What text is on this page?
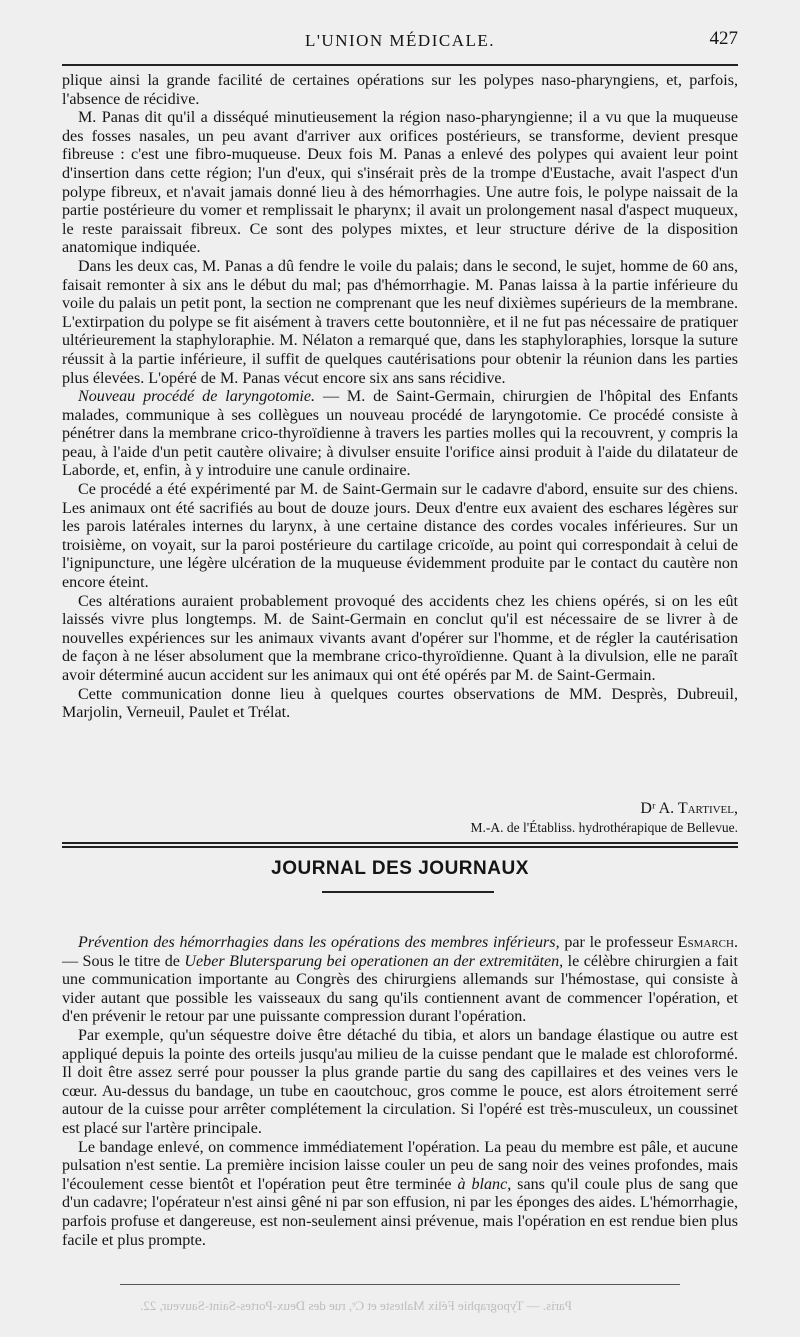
L'UNION MÉDICALE.	427

plique ainsi la grande facilité de certaines opérations sur les polypes naso-pharyngiens, et, parfois, l'absence de récidive.

M. Panas dit qu'il a disséqué minutieusement la région naso-pharyngienne; il a vu que la muqueuse des fosses nasales, un peu avant d'arriver aux orifices postérieurs, se transforme, devient presque fibreuse : c'est une fibro-muqueuse. Deux fois M. Panas a enlevé des polypes qui avaient leur point d'insertion dans cette région; l'un d'eux, qui s'insérait près de la trompe d'Eustache, avait l'aspect d'un polype fibreux, et n'avait jamais donné lieu à des hémorrhagies. Une autre fois, le polype naissait de la partie postérieure du vomer et remplissait le pharynx; il avait un prolongement nasal d'aspect muqueux, le reste paraissait fibreux. Ce sont des polypes mixtes, et leur structure dérive de la disposition anatomique indiquée.

Dans les deux cas, M. Panas a dû fendre le voile du palais; dans le second, le sujet, homme de 60 ans, faisait remonter à six ans le début du mal; pas d'hémorrhagie. M. Panas laissa à la partie inférieure du voile du palais un petit pont, la section ne comprenant que les neuf dixièmes supérieurs de la membrane. L'extirpation du polype se fit aisément à travers cette boutonnière, et il ne fut pas nécessaire de pratiquer ultérieurement la staphyloraphie. M. Nélaton a remarqué que, dans les staphyloraphies, lorsque la suture réussit à la partie inférieure, il suffit de quelques cautérisations pour obtenir la réunion dans les parties plus élevées. L'opéré de M. Panas vécut encore six ans sans récidive.

Nouveau procédé de laryngotomie. — M. de Saint-Germain, chirurgien de l'hôpital des Enfants malades, communique à ses collègues un nouveau procédé de laryngotomie. Ce procédé consiste à pénétrer dans la membrane crico-thyroïdienne à travers les parties molles qui la recouvrent, y compris la peau, à l'aide d'un petit cautère olivaire; à divulser ensuite l'orifice ainsi produit à l'aide du dilatateur de Laborde, et, enfin, à y introduire une canule ordinaire.

Ce procédé a été expérimenté par M. de Saint-Germain sur le cadavre d'abord, ensuite sur des chiens. Les animaux ont été sacrifiés au bout de douze jours. Deux d'entre eux avaient des eschares légères sur les parois latérales internes du larynx, à une certaine distance des cordes vocales inférieures. Sur un troisième, on voyait, sur la paroi postérieure du cartilage cricoïde, au point qui correspondait à celui de l'ignipuncture, une légère ulcération de la muqueuse évidemment produite par le contact du cautère non encore éteint.

Ces altérations auraient probablement provoqué des accidents chez les chiens opérés, si on les eût laissés vivre plus longtemps. M. de Saint-Germain en conclut qu'il est nécessaire de se livrer à de nouvelles expériences sur les animaux vivants avant d'opérer sur l'homme, et de régler la cautérisation de façon à ne léser absolument que la membrane crico-thyroïdienne. Quant à la divulsion, elle ne paraît avoir déterminé aucun accident sur les animaux qui ont été opérés par M. de Saint-Germain.

Cette communication donne lieu à quelques courtes observations de MM. Desprès, Dubreuil, Marjolin, Verneuil, Paulet et Trélat.

Dʳ A. Tartivel,
M.-A. de l'Établiss. hydrothérapique de Bellevue.
JOURNAL DES JOURNAUX

Prévention des hémorrhagies dans les opérations des membres inférieurs, par le professeur Esmarch. — Sous le titre de Ueber Blutersparung bei operationen an der extremitäten, le célèbre chirurgien a fait une communication importante au Congrès des chirurgiens allemands sur l'hémostase, qui consiste à vider autant que possible les vaisseaux du sang qu'ils contiennent avant de commencer l'opération, et d'en prévenir le retour par une puissante compression durant l'opération.

Par exemple, qu'un séquestre doive être détaché du tibia, et alors un bandage élastique ou autre est appliqué depuis la pointe des orteils jusqu'au milieu de la cuisse pendant que le malade est chloroformé. Il doit être assez serré pour pousser la plus grande partie du sang des capillaires et des veines vers le cœur. Au-dessus du bandage, un tube en caoutchouc, gros comme le pouce, est alors étroitement serré autour de la cuisse pour arrêter complétement la circulation. Si l'opéré est très-musculeux, un coussinet est placé sur l'artère principale.

Le bandage enlevé, on commence immédiatement l'opération. La peau du membre est pâle, et aucune pulsation n'est sentie. La première incision laisse couler un peu de sang noir des veines profondes, mais l'écoulement cesse bientôt et l'opération peut être terminée à blanc, sans qu'il coule plus de sang que d'un cadavre; l'opérateur n'est ainsi gêné ni par son effusion, ni par les éponges des aides. L'hémorrhagie, parfois profuse et dangereuse, est non-seulement ainsi prévenue, mais l'opération en est rendue bien plus facile et plus prompte.

Paris. — Typographie Félix Malteste et Cᵉ, rue des Deux-Portes-Saint-Sauveur, 22.
